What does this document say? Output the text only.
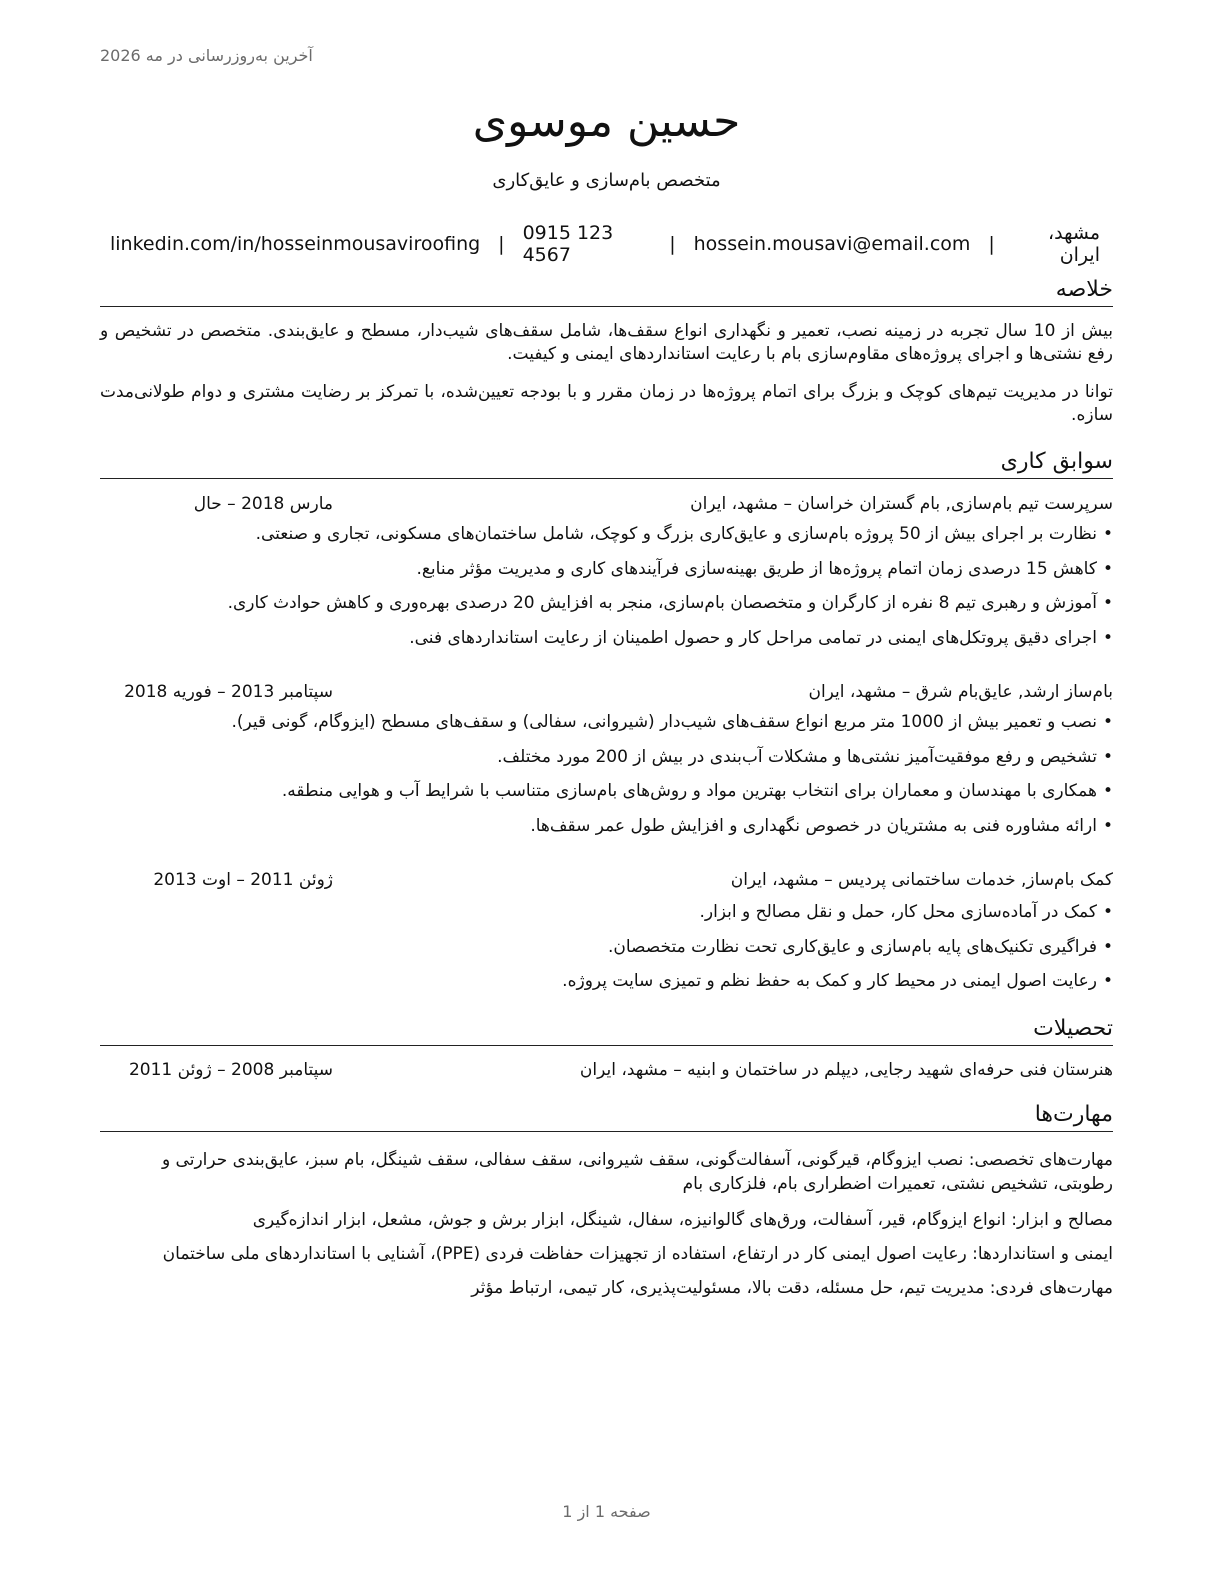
آخرین به‌روزرسانی در مه 2026
حسین موسوی
متخصص بام‌سازی و عایق‌کاری
مشهد، ایران
|
hossein.mousavi@email.com
|
0915 123 4567
|
linkedin.com/in/hosseinmousaviroofing
خلاصه

بیش از 10 سال تجربه در زمینه نصب، تعمیر و نگهداری انواع سقف‌ها، شامل سقف‌های شیب‌دار، مسطح و عایق‌بندی. متخصص در تشخیص و رفع نشتی‌ها و اجرای پروژه‌های مقاوم‌سازی بام با رعایت استانداردهای ایمنی و کیفیت.

توانا در مدیریت تیم‌های کوچک و بزرگ برای اتمام پروژه‌ها در زمان مقرر و با بودجه تعیین‌شده، با تمرکز بر رضایت مشتری و دوام طولانی‌مدت سازه.

سوابق کاری
سرپرست تیم بام‌سازی, بام گستران خراسان – مشهد، ایران
مارس 2018 – حال
•نظارت بر اجرای بیش از 50 پروژه بام‌سازی و عایق‌کاری بزرگ و کوچک، شامل ساختمان‌های مسکونی، تجاری و صنعتی.
•کاهش 15 درصدی زمان اتمام پروژه‌ها از طریق بهینه‌سازی فرآیندهای کاری و مدیریت مؤثر منابع.
•آموزش و رهبری تیم 8 نفره از کارگران و متخصصان بام‌سازی، منجر به افزایش 20 درصدی بهره‌وری و کاهش حوادث کاری.
•اجرای دقیق پروتکل‌های ایمنی در تمامی مراحل کار و حصول اطمینان از رعایت استانداردهای فنی.
بام‌ساز ارشد, عایق‌بام شرق – مشهد، ایران
سپتامبر 2013 – فوریه 2018
•نصب و تعمیر بیش از 1000 متر مربع انواع سقف‌های شیب‌دار (شیروانی، سفالی) و سقف‌های مسطح (ایزوگام، گونی قیر).
•تشخیص و رفع موفقیت‌آمیز نشتی‌ها و مشکلات آب‌بندی در بیش از 200 مورد مختلف.
•همکاری با مهندسان و معماران برای انتخاب بهترین مواد و روش‌های بام‌سازی متناسب با شرایط آب و هوایی منطقه.
•ارائه مشاوره فنی به مشتریان در خصوص نگهداری و افزایش طول عمر سقف‌ها.
کمک بام‌ساز, خدمات ساختمانی پردیس – مشهد، ایران
ژوئن 2011 – اوت 2013
•کمک در آماده‌سازی محل کار، حمل و نقل مصالح و ابزار.
•فراگیری تکنیک‌های پایه بام‌سازی و عایق‌کاری تحت نظارت متخصصان.
•رعایت اصول ایمنی در محیط کار و کمک به حفظ نظم و تمیزی سایت پروژه.
تحصیلات
هنرستان فنی حرفه‌ای شهید رجایی, دیپلم در ساختمان و ابنیه – مشهد، ایران
سپتامبر 2008 – ژوئن 2011
مهارت‌ها

مهارت‌های تخصصی: نصب ایزوگام، قیرگونی، آسفالت‌گونی، سقف شیروانی، سقف سفالی، سقف شینگل، بام سبز، عایق‌بندی حرارتی و رطوبتی، تشخیص نشتی، تعمیرات اضطراری بام، فلزکاری بام

مصالح و ابزار: انواع ایزوگام، قیر، آسفالت، ورق‌های گالوانیزه، سفال، شینگل، ابزار برش و جوش، مشعل، ابزار اندازه‌گیری

ایمنی و استانداردها: رعایت اصول ایمنی کار در ارتفاع، استفاده از تجهیزات حفاظت فردی (PPE)، آشنایی با استانداردهای ملی ساختمان

مهارت‌های فردی: مدیریت تیم، حل مسئله، دقت بالا، مسئولیت‌پذیری، کار تیمی، ارتباط مؤثر

صفحه 1 از 1
